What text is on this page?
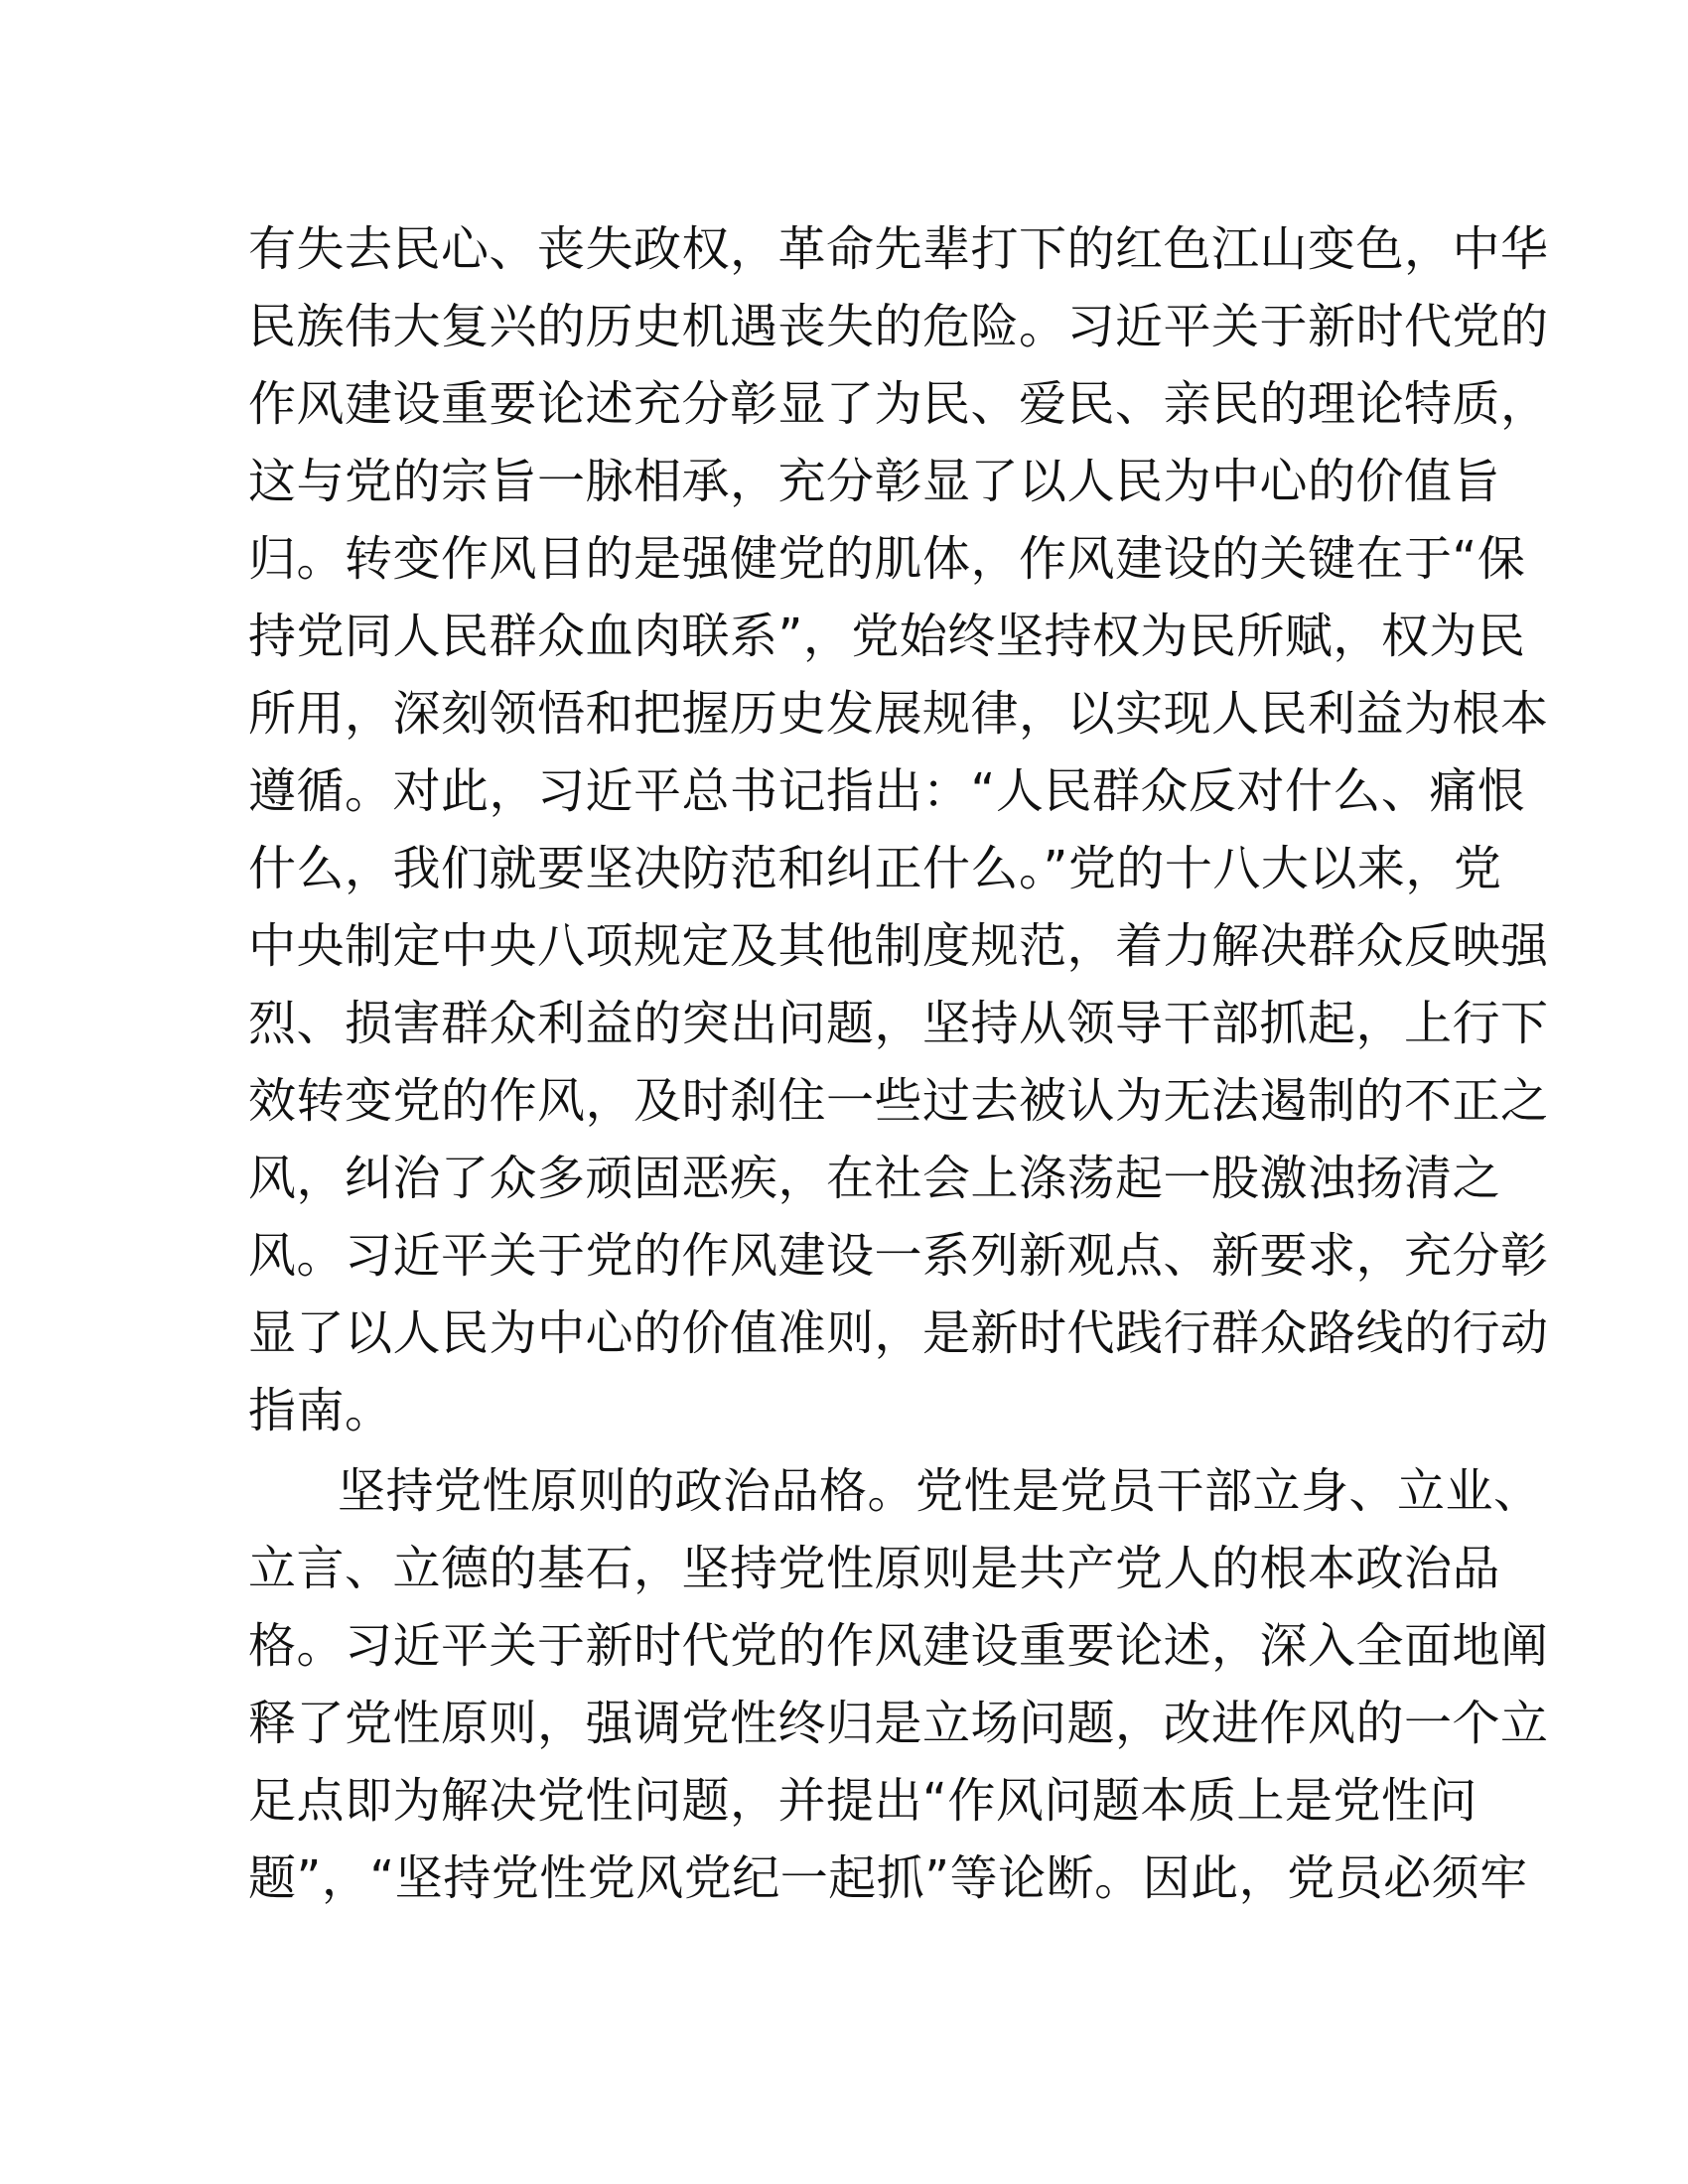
有失去民心、丧失政权，革命先辈打下的红色江山变色，中华

民族伟大复兴的历史机遇丧失的危险。习近平关于新时代党的

作风建设重要论述充分彰显了为民、爱民、亲民的理论特质，

这与党的宗旨一脉相承，充分彰显了以人民为中心的价值旨

归。转变作风目的是强健党的肌体，作风建设的关键在于“保

持党同人民群众血肉联系”，党始终坚持权为民所赋，权为民

所用，深刻领悟和把握历史发展规律，以实现人民利益为根本

遵循。对此，习近平总书记指出：“人民群众反对什么、痛恨

什么，我们就要坚决防范和纠正什么。”党的十八大以来，党

中央制定中央八项规定及其他制度规范，着力解决群众反映强

烈、损害群众利益的突出问题，坚持从领导干部抓起，上行下

效转变党的作风，及时刹住一些过去被认为无法遏制的不正之

风，纠治了众多顽固恶疾，在社会上涤荡起一股激浊扬清之

风。习近平关于党的作风建设一系列新观点、新要求，充分彰

显了以人民为中心的价值准则，是新时代践行群众路线的行动

指南。

坚持党性原则的政治品格。党性是党员干部立身、立业、

立言、立德的基石，坚持党性原则是共产党人的根本政治品

格。习近平关于新时代党的作风建设重要论述，深入全面地阐

释了党性原则，强调党性终归是立场问题，改进作风的一个立

足点即为解决党性问题，并提出“作风问题本质上是党性问

题”，“坚持党性党风党纪一起抓”等论断。因此，党员必须牢
